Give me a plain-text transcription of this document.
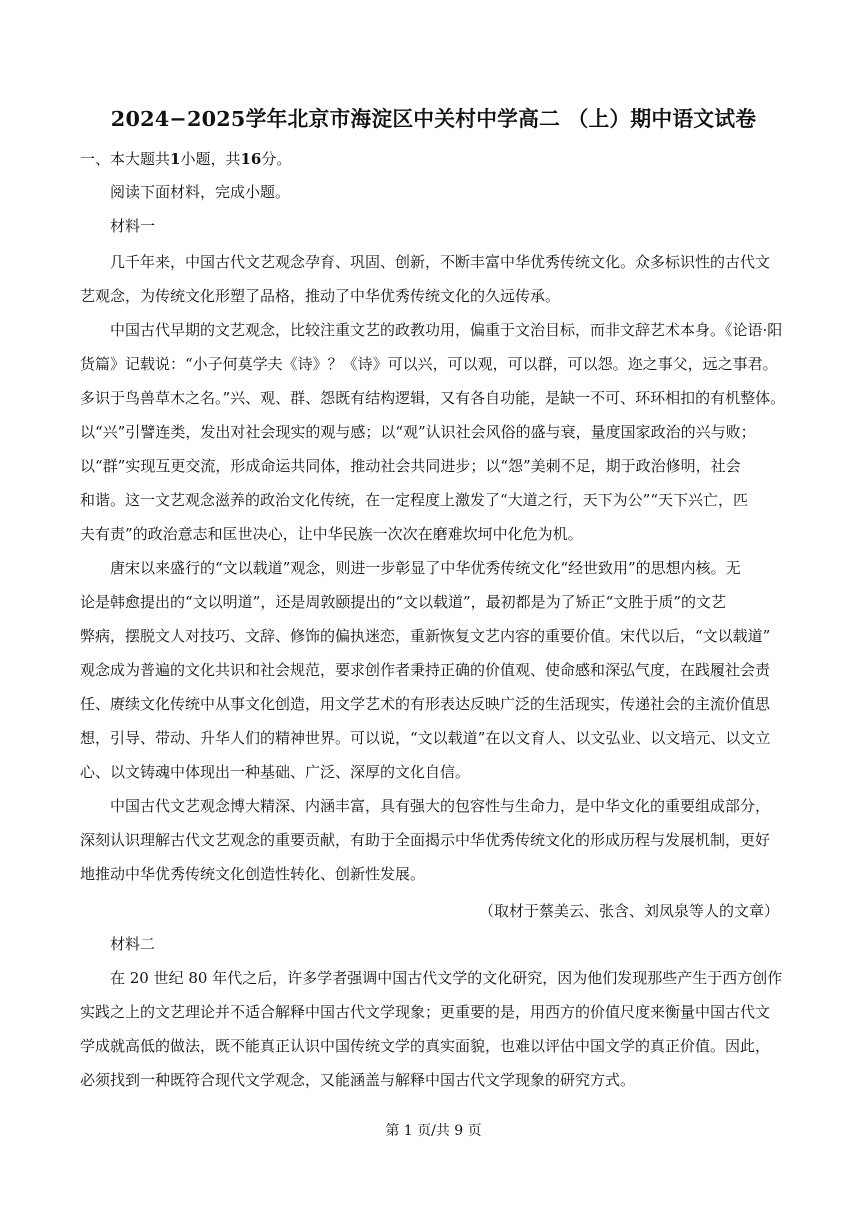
2024−2025学年北京市海淀区中关村中学高二 （上）期中语文试卷
一、本大题共1小题，共16分。
阅读下面材料，完成小题。
材料一
几千年来，中国古代文艺观念孕育、巩固、创新，不断丰富中华优秀传统文化。众多标识性的古代文
艺观念，为传统文化形塑了品格，推动了中华优秀传统文化的久远传承。
中国古代早期的文艺观念，比较注重文艺的政教功用，偏重于文治目标，而非文辞艺术本身。《论语·阳
货篇》记载说：“小子何莫学夫《诗》？《诗》可以兴，可以观，可以群，可以怨。迩之事父，远之事君。
多识于鸟兽草木之名。”兴、观、群、怨既有结构逻辑，又有各自功能，是缺一不可、环环相扣的有机整体。
以“兴”引譬连类，发出对社会现实的观与感；以“观”认识社会风俗的盛与衰，量度国家政治的兴与败；
以“群”实现互更交流，形成命运共同体，推动社会共同进步；以“怨”美刺不足，期于政治修明，社会
和谐。这一文艺观念滋养的政治文化传统，在一定程度上激发了“大道之行，天下为公”“天下兴亡，匹
夫有责”的政治意志和匡世决心，让中华民族一次次在磨难坎坷中化危为机。
唐宋以来盛行的“文以载道”观念，则进一步彰显了中华优秀传统文化“经世致用”的思想内核。无
论是韩愈提出的“文以明道”，还是周敦颐提出的“文以载道”，最初都是为了矫正“文胜于质”的文艺
弊病，摆脱文人对技巧、文辞、修饰的偏执迷恋，重新恢复文艺内容的重要价值。宋代以后，“文以载道”
观念成为普遍的文化共识和社会规范，要求创作者秉持正确的价值观、使命感和深弘气度，在践履社会责
任、赓续文化传统中从事文化创造，用文学艺术的有形表达反映广泛的生活现实，传递社会的主流价值思
想，引导、带动、升华人们的精神世界。可以说，“文以载道”在以文育人、以文弘业、以文培元、以文立
心、以文铸魂中体现出一种基础、广泛、深厚的文化自信。
中国古代文艺观念博大精深、内涵丰富，具有强大的包容性与生命力，是中华文化的重要组成部分，
深刻认识理解古代文艺观念的重要贡献，有助于全面揭示中华优秀传统文化的形成历程与发展机制，更好
地推动中华优秀传统文化创造性转化、创新性发展。
（取材于蔡美云、张含、刘凤泉等人的文章）
材料二
在 20 世纪 80 年代之后，许多学者强调中国古代文学的文化研究，因为他们发现那些产生于西方创作
实践之上的文艺理论并不适合解释中国古代文学现象；更重要的是，用西方的价值尺度来衡量中国古代文
学成就高低的做法，既不能真正认识中国传统文学的真实面貌，也难以评估中国文学的真正价值。因此，
必须找到一种既符合现代文学观念，又能涵盖与解释中国古代文学现象的研究方式。
第 1 页/共 9 页
